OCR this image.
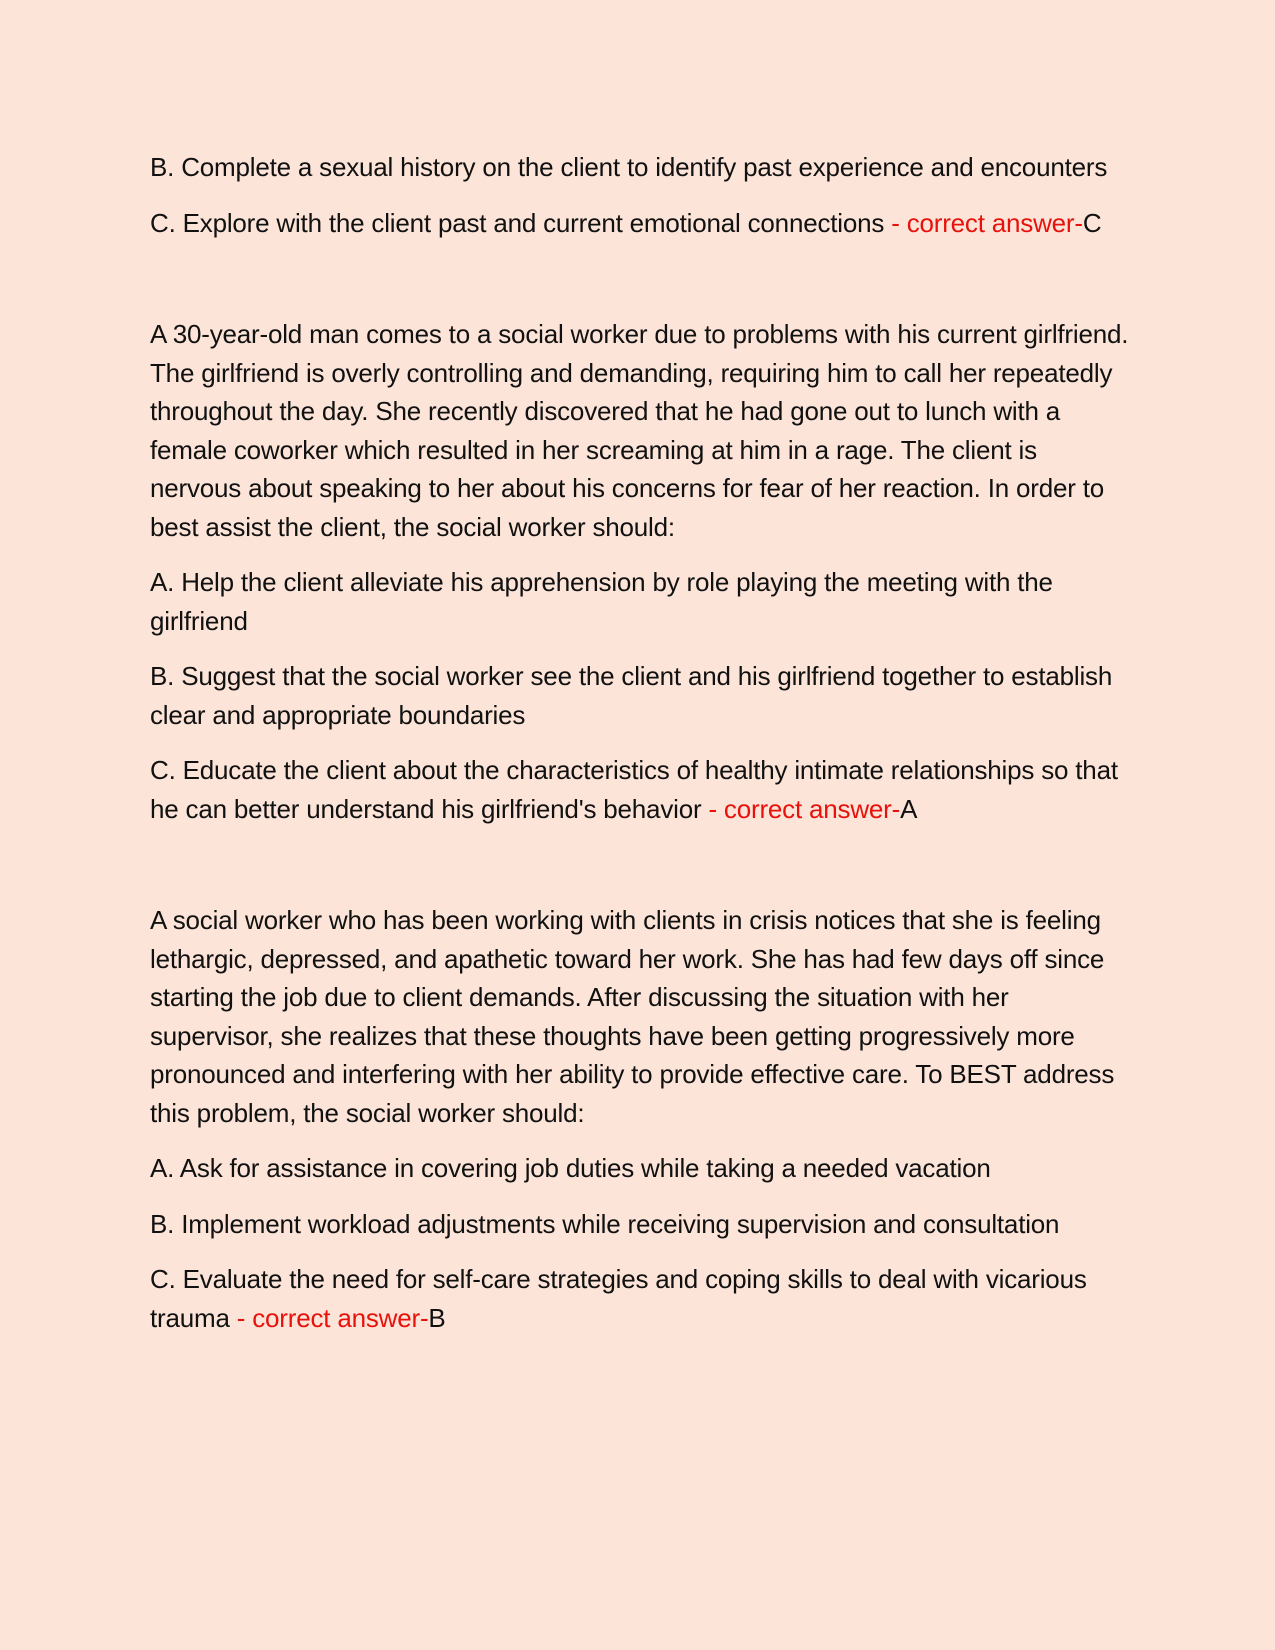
B. Complete a sexual history on the client to identify past experience and encounters

C. Explore with the client past and current emotional connections - correct answer-C

A 30-year-old man comes to a social worker due to problems with his current girlfriend. The girlfriend is overly controlling and demanding, requiring him to call her repeatedly throughout the day. She recently discovered that he had gone out to lunch with a female coworker which resulted in her screaming at him in a rage. The client is nervous about speaking to her about his concerns for fear of her reaction. In order to best assist the client, the social worker should:

A. Help the client alleviate his apprehension by role playing the meeting with the girlfriend

B. Suggest that the social worker see the client and his girlfriend together to establish clear and appropriate boundaries

C. Educate the client about the characteristics of healthy intimate relationships so that he can better understand his girlfriend's behavior - correct answer-A

A social worker who has been working with clients in crisis notices that she is feeling lethargic, depressed, and apathetic toward her work. She has had few days off since starting the job due to client demands. After discussing the situation with her supervisor, she realizes that these thoughts have been getting progressively more pronounced and interfering with her ability to provide effective care. To BEST address this problem, the social worker should:

A. Ask for assistance in covering job duties while taking a needed vacation

B. Implement workload adjustments while receiving supervision and consultation

C. Evaluate the need for self-care strategies and coping skills to deal with vicarious trauma - correct answer-B
